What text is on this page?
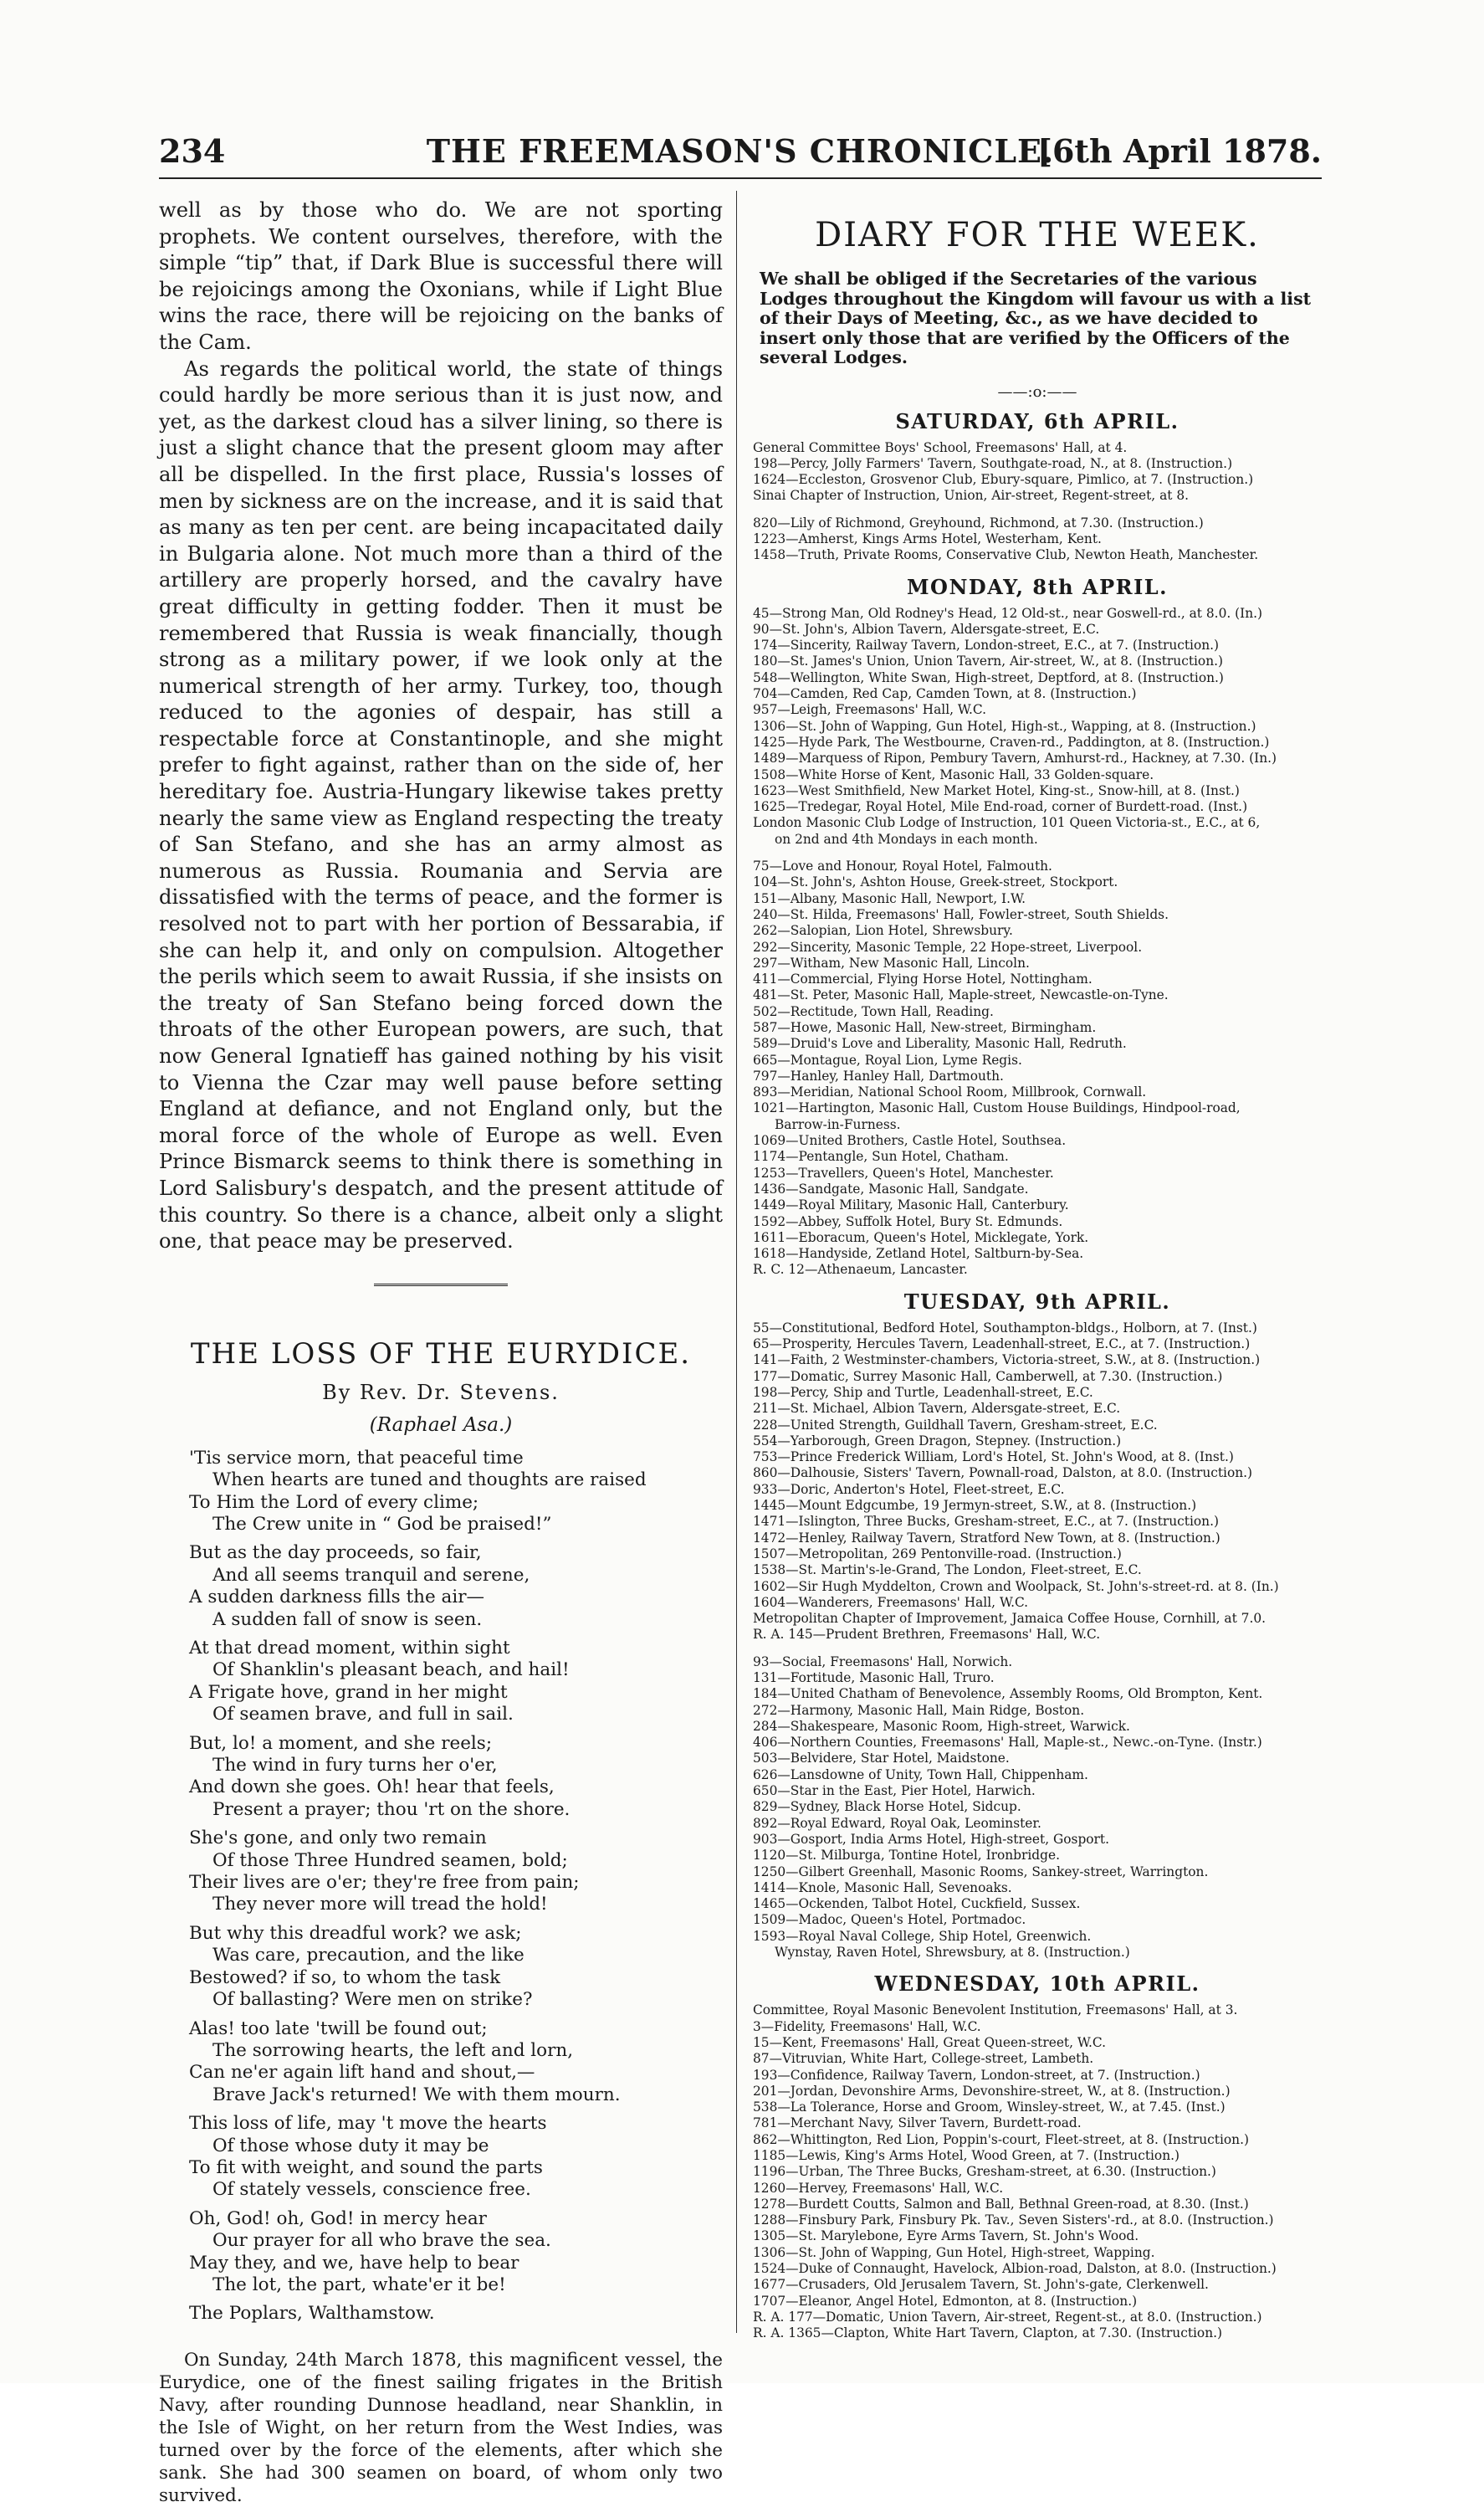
THE FREEMASON'S CHRONICLE.
234	[6th April 1878.

well as by those who do. We are not sporting prophets. We content ourselves, therefore, with the simple “tip” that, if Dark Blue is successful there will be rejoicings among the Oxonians, while if Light Blue wins the race, there will be rejoicing on the banks of the Cam.

As regards the political world, the state of things could hardly be more serious than it is just now, and yet, as the darkest cloud has a silver lining, so there is just a slight chance that the present gloom may after all be dispelled. In the first place, Russia's losses of men by sickness are on the increase, and it is said that as many as ten per cent. are being incapacitated daily in Bulgaria alone. Not much more than a third of the artillery are properly horsed, and the cavalry have great difficulty in getting fodder. Then it must be remembered that Russia is weak financially, though strong as a military power, if we look only at the numerical strength of her army. Turkey, too, though reduced to the agonies of despair, has still a respectable force at Constantinople, and she might prefer to fight against, rather than on the side of, her hereditary foe. Austria-Hungary likewise takes pretty nearly the same view as England respecting the treaty of San Stefano, and she has an army almost as numerous as Russia. Roumania and Servia are dissatisfied with the terms of peace, and the former is resolved not to part with her portion of Bessarabia, if she can help it, and only on compulsion. Altogether the perils which seem to await Russia, if she insists on the treaty of San Stefano being forced down the throats of the other European powers, are such, that now General Ignatieff has gained nothing by his visit to Vienna the Czar may well pause before setting England at defiance, and not England only, but the moral force of the whole of Europe as well. Even Prince Bismarck seems to think there is something in Lord Salisbury's despatch, and the present attitude of this country. So there is a chance, albeit only a slight one, that peace may be preserved.

THE LOSS OF THE EURYDICE.
By Rev. Dr. Stevens.
(Raphael Asa.)
'Tis service morn, that peaceful time
When hearts are tuned and thoughts are raised
To Him the Lord of every clime;
The Crew unite in “ God be praised!”
But as the day proceeds, so fair,
And all seems tranquil and serene,
A sudden darkness fills the air—
A sudden fall of snow is seen.
At that dread moment, within sight
Of Shanklin's pleasant beach, and hail!
A Frigate hove, grand in her might
Of seamen brave, and full in sail.
But, lo! a moment, and she reels;
The wind in fury turns her o'er,
And down she goes. Oh! hear that feels,
Present a prayer; thou 'rt on the shore.
She's gone, and only two remain
Of those Three Hundred seamen, bold;
Their lives are o'er; they're free from pain;
They never more will tread the hold!
But why this dreadful work? we ask;
Was care, precaution, and the like
Bestowed? if so, to whom the task
Of ballasting? Were men on strike?
Alas! too late 'twill be found out;
The sorrowing hearts, the left and lorn,
Can ne'er again lift hand and shout,—
Brave Jack's returned! We with them mourn.
This loss of life, may 't move the hearts
Of those whose duty it may be
To fit with weight, and sound the parts
Of stately vessels, conscience free.
Oh, God! oh, God! in mercy hear
Our prayer for all who brave the sea.
May they, and we, have help to bear
The lot, the part, whate'er it be!
The Poplars, Walthamstow.

On Sunday, 24th March 1878, this magnificent vessel, the Eurydice, one of the finest sailing frigates in the British Navy, after rounding Dunnose headland, near Shanklin, in the Isle of Wight, on her return from the West Indies, was turned over by the force of the elements, after which she sank. She had 300 seamen on board, of whom only two survived.

DIARY FOR THE WEEK.
We shall be obliged if the Secretaries of the various Lodges throughout the Kingdom will favour us with a list of their Days of Meeting, &c., as we have decided to insert only those that are verified by the Officers of the several Lodges.
——:o:——
SATURDAY, 6th APRIL.
General Committee Boys' School, Freemasons' Hall, at 4.
198—Percy, Jolly Farmers' Tavern, Southgate-road, N., at 8. (Instruction.)
1624—Eccleston, Grosvenor Club, Ebury-square, Pimlico, at 7. (Instruction.)
Sinai Chapter of Instruction, Union, Air-street, Regent-street, at 8.
820—Lily of Richmond, Greyhound, Richmond, at 7.30. (Instruction.)
1223—Amherst, Kings Arms Hotel, Westerham, Kent.
1458—Truth, Private Rooms, Conservative Club, Newton Heath, Manchester.
MONDAY, 8th APRIL.
45—Strong Man, Old Rodney's Head, 12 Old-st., near Goswell-rd., at 8.0. (In.)
90—St. John's, Albion Tavern, Aldersgate-street, E.C.
174—Sincerity, Railway Tavern, London-street, E.C., at 7. (Instruction.)
180—St. James's Union, Union Tavern, Air-street, W., at 8. (Instruction.)
548—Wellington, White Swan, High-street, Deptford, at 8. (Instruction.)
704—Camden, Red Cap, Camden Town, at 8. (Instruction.)
957—Leigh, Freemasons' Hall, W.C.
1306—St. John of Wapping, Gun Hotel, High-st., Wapping, at 8. (Instruction.)
1425—Hyde Park, The Westbourne, Craven-rd., Paddington, at 8. (Instruction.)
1489—Marquess of Ripon, Pembury Tavern, Amhurst-rd., Hackney, at 7.30. (In.)
1508—White Horse of Kent, Masonic Hall, 33 Golden-square.
1623—West Smithfield, New Market Hotel, King-st., Snow-hill, at 8. (Inst.)
1625—Tredegar, Royal Hotel, Mile End-road, corner of Burdett-road. (Inst.)
London Masonic Club Lodge of Instruction, 101 Queen Victoria-st., E.C., at 6,
on 2nd and 4th Mondays in each month.
75—Love and Honour, Royal Hotel, Falmouth.
104—St. John's, Ashton House, Greek-street, Stockport.
151—Albany, Masonic Hall, Newport, I.W.
240—St. Hilda, Freemasons' Hall, Fowler-street, South Shields.
262—Salopian, Lion Hotel, Shrewsbury.
292—Sincerity, Masonic Temple, 22 Hope-street, Liverpool.
297—Witham, New Masonic Hall, Lincoln.
411—Commercial, Flying Horse Hotel, Nottingham.
481—St. Peter, Masonic Hall, Maple-street, Newcastle-on-Tyne.
502—Rectitude, Town Hall, Reading.
587—Howe, Masonic Hall, New-street, Birmingham.
589—Druid's Love and Liberality, Masonic Hall, Redruth.
665—Montague, Royal Lion, Lyme Regis.
797—Hanley, Hanley Hall, Dartmouth.
893—Meridian, National School Room, Millbrook, Cornwall.
1021—Hartington, Masonic Hall, Custom House Buildings, Hindpool-road,
Barrow-in-Furness.
1069—United Brothers, Castle Hotel, Southsea.
1174—Pentangle, Sun Hotel, Chatham.
1253—Travellers, Queen's Hotel, Manchester.
1436—Sandgate, Masonic Hall, Sandgate.
1449—Royal Military, Masonic Hall, Canterbury.
1592—Abbey, Suffolk Hotel, Bury St. Edmunds.
1611—Eboracum, Queen's Hotel, Micklegate, York.
1618—Handyside, Zetland Hotel, Saltburn-by-Sea.
R. C. 12—Athenaeum, Lancaster.
TUESDAY, 9th APRIL.
55—Constitutional, Bedford Hotel, Southampton-bldgs., Holborn, at 7. (Inst.)
65—Prosperity, Hercules Tavern, Leadenhall-street, E.C., at 7. (Instruction.)
141—Faith, 2 Westminster-chambers, Victoria-street, S.W., at 8. (Instruction.)
177—Domatic, Surrey Masonic Hall, Camberwell, at 7.30. (Instruction.)
198—Percy, Ship and Turtle, Leadenhall-street, E.C.
211—St. Michael, Albion Tavern, Aldersgate-street, E.C.
228—United Strength, Guildhall Tavern, Gresham-street, E.C.
554—Yarborough, Green Dragon, Stepney. (Instruction.)
753—Prince Frederick William, Lord's Hotel, St. John's Wood, at 8. (Inst.)
860—Dalhousie, Sisters' Tavern, Pownall-road, Dalston, at 8.0. (Instruction.)
933—Doric, Anderton's Hotel, Fleet-street, E.C.
1445—Mount Edgcumbe, 19 Jermyn-street, S.W., at 8. (Instruction.)
1471—Islington, Three Bucks, Gresham-street, E.C., at 7. (Instruction.)
1472—Henley, Railway Tavern, Stratford New Town, at 8. (Instruction.)
1507—Metropolitan, 269 Pentonville-road. (Instruction.)
1538—St. Martin's-le-Grand, The London, Fleet-street, E.C.
1602—Sir Hugh Myddelton, Crown and Woolpack, St. John's-street-rd. at 8. (In.)
1604—Wanderers, Freemasons' Hall, W.C.
Metropolitan Chapter of Improvement, Jamaica Coffee House, Cornhill, at 7.0.
R. A. 145—Prudent Brethren, Freemasons' Hall, W.C.
93—Social, Freemasons' Hall, Norwich.
131—Fortitude, Masonic Hall, Truro.
184—United Chatham of Benevolence, Assembly Rooms, Old Brompton, Kent.
272—Harmony, Masonic Hall, Main Ridge, Boston.
284—Shakespeare, Masonic Room, High-street, Warwick.
406—Northern Counties, Freemasons' Hall, Maple-st., Newc.-on-Tyne. (Instr.)
503—Belvidere, Star Hotel, Maidstone.
626—Lansdowne of Unity, Town Hall, Chippenham.
650—Star in the East, Pier Hotel, Harwich.
829—Sydney, Black Horse Hotel, Sidcup.
892—Royal Edward, Royal Oak, Leominster.
903—Gosport, India Arms Hotel, High-street, Gosport.
1120—St. Milburga, Tontine Hotel, Ironbridge.
1250—Gilbert Greenhall, Masonic Rooms, Sankey-street, Warrington.
1414—Knole, Masonic Hall, Sevenoaks.
1465—Ockenden, Talbot Hotel, Cuckfield, Sussex.
1509—Madoc, Queen's Hotel, Portmadoc.
1593—Royal Naval College, Ship Hotel, Greenwich.
Wynstay, Raven Hotel, Shrewsbury, at 8. (Instruction.)
WEDNESDAY, 10th APRIL.
Committee, Royal Masonic Benevolent Institution, Freemasons' Hall, at 3.
3—Fidelity, Freemasons' Hall, W.C.
15—Kent, Freemasons' Hall, Great Queen-street, W.C.
87—Vitruvian, White Hart, College-street, Lambeth.
193—Confidence, Railway Tavern, London-street, at 7. (Instruction.)
201—Jordan, Devonshire Arms, Devonshire-street, W., at 8. (Instruction.)
538—La Tolerance, Horse and Groom, Winsley-street, W., at 7.45. (Inst.)
781—Merchant Navy, Silver Tavern, Burdett-road.
862—Whittington, Red Lion, Poppin's-court, Fleet-street, at 8. (Instruction.)
1185—Lewis, King's Arms Hotel, Wood Green, at 7. (Instruction.)
1196—Urban, The Three Bucks, Gresham-street, at 6.30. (Instruction.)
1260—Hervey, Freemasons' Hall, W.C.
1278—Burdett Coutts, Salmon and Ball, Bethnal Green-road, at 8.30. (Inst.)
1288—Finsbury Park, Finsbury Pk. Tav., Seven Sisters'-rd., at 8.0. (Instruction.)
1305—St. Marylebone, Eyre Arms Tavern, St. John's Wood.
1306—St. John of Wapping, Gun Hotel, High-street, Wapping.
1524—Duke of Connaught, Havelock, Albion-road, Dalston, at 8.0. (Instruction.)
1677—Crusaders, Old Jerusalem Tavern, St. John's-gate, Clerkenwell.
1707—Eleanor, Angel Hotel, Edmonton, at 8. (Instruction.)
R. A. 177—Domatic, Union Tavern, Air-street, Regent-st., at 8.0. (Instruction.)
R. A. 1365—Clapton, White Hart Tavern, Clapton, at 7.30. (Instruction.)
